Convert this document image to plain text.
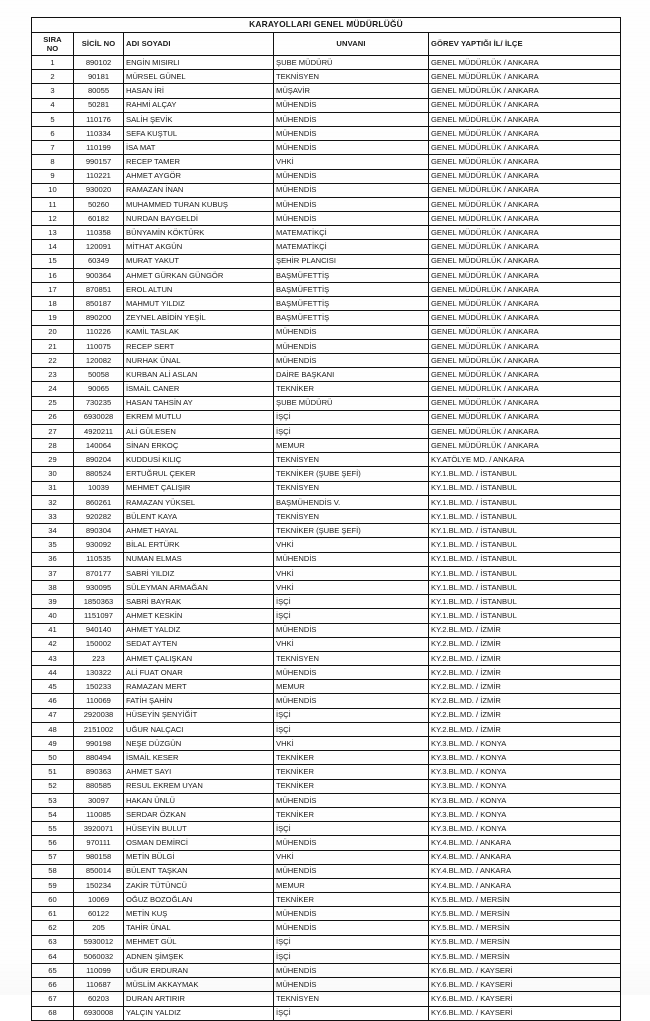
KARAYOLLARI GENEL MÜDÜRLÜĞÜ				
SIRA
NO	SİCİL NO	ADI SOYADI	UNVANI	GÖREV YAPTIĞI İL/ İLÇE
1	890102	ENGİN MISIRLI	ŞUBE MÜDÜRÜ	GENEL MÜDÜRLÜK / ANKARA
2	90181	MÜRSEL GÜNEL	TEKNİSYEN	GENEL MÜDÜRLÜK / ANKARA
3	80055	HASAN İRİ	MÜŞAVİR	GENEL MÜDÜRLÜK / ANKARA
4	50281	RAHMİ ALÇAY	MÜHENDİS	GENEL MÜDÜRLÜK / ANKARA
5	110176	SALİH ŞEVİK	MÜHENDİS	GENEL MÜDÜRLÜK / ANKARA
6	110334	SEFA KUŞTUL	MÜHENDİS	GENEL MÜDÜRLÜK / ANKARA
7	110199	İSA MAT	MÜHENDİS	GENEL MÜDÜRLÜK / ANKARA
8	990157	RECEP TAMER	VHKİ	GENEL MÜDÜRLÜK / ANKARA
9	110221	AHMET AYGÖR	MÜHENDİS	GENEL MÜDÜRLÜK / ANKARA
10	930020	RAMAZAN İNAN	MÜHENDİS	GENEL MÜDÜRLÜK / ANKARA
11	50260	MUHAMMED TURAN KUBUŞ	MÜHENDİS	GENEL MÜDÜRLÜK / ANKARA
12	60182	NURDAN BAYGELDİ	MÜHENDİS	GENEL MÜDÜRLÜK / ANKARA
13	110358	BÜNYAMİN KÖKTÜRK	MATEMATİKÇİ	GENEL MÜDÜRLÜK / ANKARA
14	120091	MİTHAT AKGÜN	MATEMATİKÇİ	GENEL MÜDÜRLÜK / ANKARA
15	60349	MURAT YAKUT	ŞEHİR PLANCISI	GENEL MÜDÜRLÜK / ANKARA
16	900364	AHMET GÜRKAN GÜNGÖR	BAŞMÜFETTİŞ	GENEL MÜDÜRLÜK / ANKARA
17	870851	EROL ALTUN	BAŞMÜFETTİŞ	GENEL MÜDÜRLÜK / ANKARA
18	850187	MAHMUT YILDIZ	BAŞMÜFETTİŞ	GENEL MÜDÜRLÜK / ANKARA
19	890200	ZEYNEL ABİDİN YEŞİL	BAŞMÜFETTİŞ	GENEL MÜDÜRLÜK / ANKARA
20	110226	KAMİL TASLAK	MÜHENDİS	GENEL MÜDÜRLÜK / ANKARA
21	110075	RECEP SERT	MÜHENDİS	GENEL MÜDÜRLÜK / ANKARA
22	120082	NURHAK ÜNAL	MÜHENDİS	GENEL MÜDÜRLÜK / ANKARA
23	50058	KURBAN ALİ ASLAN	DAİRE BAŞKANI	GENEL MÜDÜRLÜK / ANKARA
24	90065	İSMAİL CANER	TEKNİKER	GENEL MÜDÜRLÜK / ANKARA
25	730235	HASAN TAHSİN AY	ŞUBE MÜDÜRÜ	GENEL MÜDÜRLÜK / ANKARA
26	6930028	EKREM MUTLU	İŞÇİ	GENEL MÜDÜRLÜK / ANKARA
27	4920211	ALİ GÜLESEN	İŞÇİ	GENEL MÜDÜRLÜK / ANKARA
28	140064	SİNAN ERKOÇ	MEMUR	GENEL MÜDÜRLÜK / ANKARA
29	890204	KUDDUSİ KILIÇ	TEKNİSYEN	KY.ATÖLYE MD. / ANKARA
30	880524	ERTUĞRUL ÇEKER	TEKNİKER (ŞUBE ŞEFİ)	KY.1.BL.MD. / İSTANBUL
31	10039	MEHMET ÇALIŞIR	TEKNİSYEN	KY.1.BL.MD. / İSTANBUL
32	860261	RAMAZAN YÜKSEL	BAŞMÜHENDİS V.	KY.1.BL.MD. / İSTANBUL
33	920282	BÜLENT KAYA	TEKNİSYEN	KY.1.BL.MD. / İSTANBUL
34	890304	AHMET HAYAL	TEKNİKER (ŞUBE ŞEFİ)	KY.1.BL.MD. / İSTANBUL
35	930092	BİLAL ERTÜRK	VHKİ	KY.1.BL.MD. / İSTANBUL
36	110535	NUMAN ELMAS	MÜHENDİS	KY.1.BL.MD. / İSTANBUL
37	870177	SABRİ YILDIZ	VHKİ	KY.1.BL.MD. / İSTANBUL
38	930095	SÜLEYMAN ARMAĞAN	VHKİ	KY.1.BL.MD. / İSTANBUL
39	1850363	SABRİ BAYRAK	İŞÇİ	KY.1.BL.MD. / İSTANBUL
40	1151097	AHMET KESKİN	İŞÇİ	KY.1.BL.MD. / İSTANBUL
41	940140	AHMET YALDIZ	MÜHENDİS	KY.2.BL.MD. / İZMİR
42	150002	SEDAT AYTEN	VHKİ	KY.2.BL.MD. / İZMİR
43	223	AHMET ÇALIŞKAN	TEKNİSYEN	KY.2.BL.MD. / İZMİR
44	130322	ALİ FUAT ONAR	MÜHENDİS	KY.2.BL.MD. / İZMİR
45	150233	RAMAZAN MERT	MEMUR	KY.2.BL.MD. / İZMİR
46	110069	FATİH ŞAHİN	MÜHENDİS	KY.2.BL.MD. / İZMİR
47	2920038	HÜSEYİN ŞENYİĞİT	İŞÇİ	KY.2.BL.MD. / İZMİR
48	2151002	UĞUR NALÇACI	İŞÇİ	KY.2.BL.MD. / İZMİR
49	990198	NEŞE DÜZGÜN	VHKİ	KY.3.BL.MD. / KONYA
50	880494	İSMAİL KESER	TEKNİKER	KY.3.BL.MD. / KONYA
51	890363	AHMET SAYI	TEKNİKER	KY.3.BL.MD. / KONYA
52	880585	RESUL EKREM UYAN	TEKNİKER	KY.3.BL.MD. / KONYA
53	30097	HAKAN ÜNLÜ	MÜHENDİS	KY.3.BL.MD. / KONYA
54	110085	SERDAR ÖZKAN	TEKNİKER	KY.3.BL.MD. / KONYA
55	3920071	HÜSEYİN BULUT	İŞÇİ	KY.3.BL.MD. / KONYA
56	970111	OSMAN DEMİRCİ	MÜHENDİS	KY.4.BL.MD. / ANKARA
57	980158	METİN BÜLGİ	VHKİ	KY.4.BL.MD. / ANKARA
58	850014	BÜLENT TAŞKAN	MÜHENDİS	KY.4.BL.MD. / ANKARA
59	150234	ZAKİR TÜTÜNCÜ	MEMUR	KY.4.BL.MD. / ANKARA
60	10069	OĞUZ BOZOĞLAN	TEKNİKER	KY.5.BL.MD. / MERSİN
61	60122	METİN KUŞ	MÜHENDİS	KY.5.BL.MD. / MERSİN
62	205	TAHİR ÜNAL	MÜHENDİS	KY.5.BL.MD. / MERSİN
63	5930012	MEHMET GÜL	İŞÇİ	KY.5.BL.MD. / MERSİN
64	5060032	ADNEN ŞİMŞEK	İŞÇİ	KY.5.BL.MD. / MERSİN
65	110099	UĞUR ERDURAN	MÜHENDİS	KY.6.BL.MD. / KAYSERİ
66	110687	MÜSLİM AKKAYMAK	MÜHENDİS	KY.6.BL.MD. / KAYSERİ
67	60203	DURAN ARTIRIR	TEKNİSYEN	KY.6.BL.MD. / KAYSERİ
68	6930008	YALÇIN YALDIZ	İŞÇİ	KY.6.BL.MD. / KAYSERİ
